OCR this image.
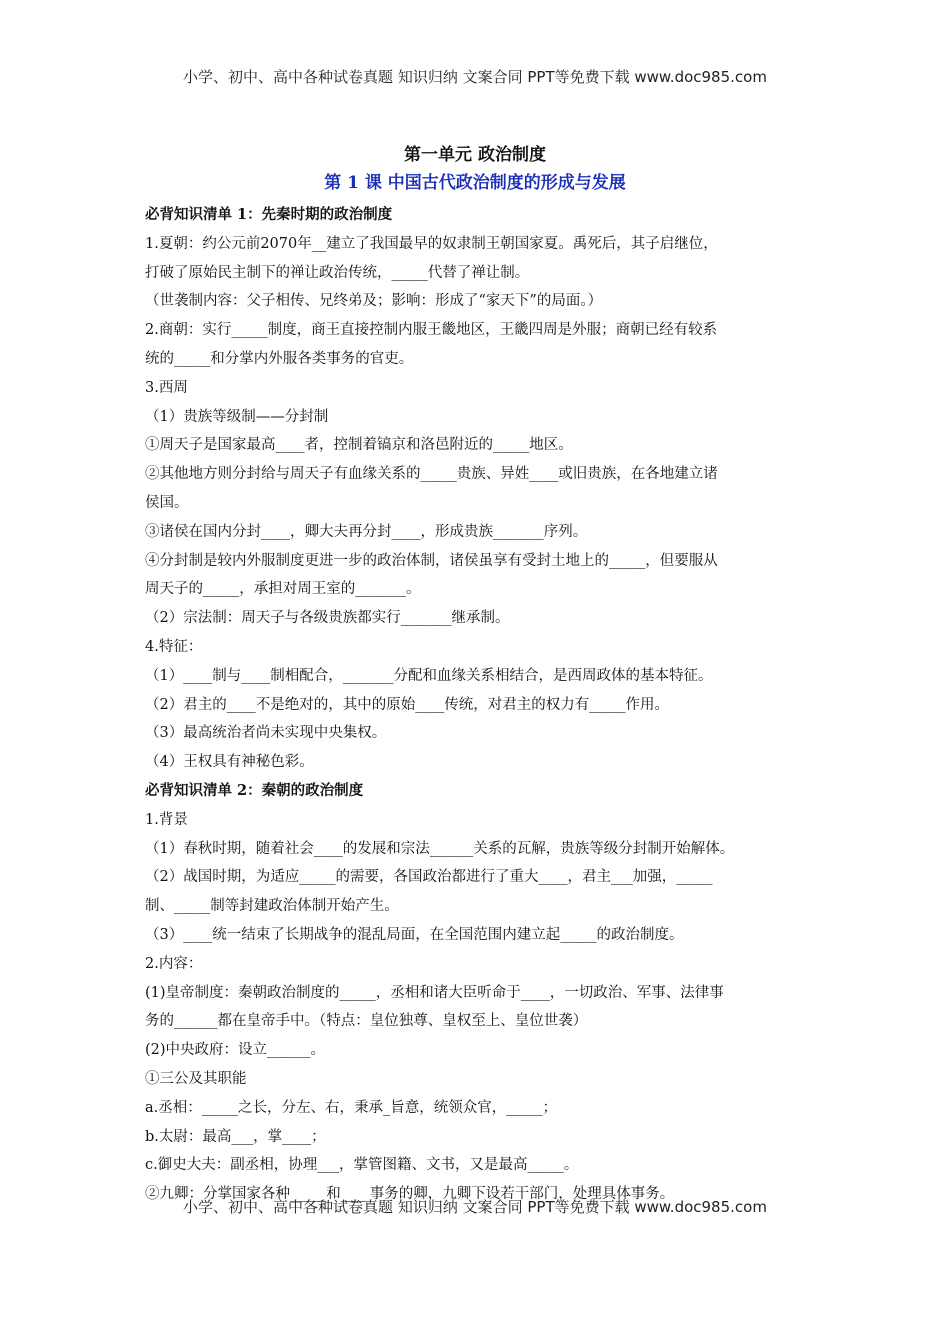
小学、初中、高中各种试卷真题 知识归纳 文案合同 PPT等免费下载 www.doc985.com
第一单元 政治制度
第 1 课 中国古代政治制度的形成与发展
必背知识清单 1：先秦时期的政治制度
1.夏朝：约公元前2070年__建立了我国最早的奴隶制王朝国家夏。禹死后，其子启继位，
打破了原始民主制下的禅让政治传统，_____代替了禅让制。
（世袭制内容：父子相传、兄终弟及；影响：形成了“家天下”的局面。）
2.商朝：实行_____制度，商王直接控制内服王畿地区，王畿四周是外服；商朝已经有较系
统的_____和分掌内外服各类事务的官吏。
3.西周
（1）贵族等级制——分封制
①周天子是国家最高____者，控制着镐京和洛邑附近的_____地区。
②其他地方则分封给与周天子有血缘关系的_____贵族、异姓____或旧贵族，在各地建立诸
侯国。
③诸侯在国内分封____，卿大夫再分封____，形成贵族_______序列。
④分封制是较内外服制度更进一步的政治体制，诸侯虽享有受封土地上的_____，但要服从
周天子的_____，承担对周王室的_______。
（2）宗法制：周天子与各级贵族都实行_______继承制。
4.特征：
（1）____制与____制相配合，_______分配和血缘关系相结合，是西周政体的基本特征。
（2）君主的____不是绝对的，其中的原始____传统，对君主的权力有_____作用。
（3）最高统治者尚未实现中央集权。
（4）王权具有神秘色彩。
必背知识清单 2：秦朝的政治制度
1.背景
（1）春秋时期，随着社会____的发展和宗法______关系的瓦解，贵族等级分封制开始解体。
（2）战国时期，为适应_____的需要，各国政治都进行了重大____，君主___加强，_____
制、_____制等封建政治体制开始产生。
（3）____统一结束了长期战争的混乱局面，在全国范围内建立起_____的政治制度。
2.内容：
(1)皇帝制度：秦朝政治制度的_____，丞相和诸大臣听命于____，一切政治、军事、法律事
务的______都在皇帝手中。（特点：皇位独尊、皇权至上、皇位世袭）
(2)中央政府：设立______。
①三公及其职能
a.丞相：_____之长，分左、右，秉承_旨意，统领众官，_____；
b.太尉：最高___，掌____；
c.御史大夫：副丞相，协理___，掌管图籍、文书，又是最高_____。
②九卿：分掌国家各种_____和____事务的卿，九卿下设若干部门，处理具体事务。
小学、初中、高中各种试卷真题 知识归纳 文案合同 PPT等免费下载 www.doc985.com
